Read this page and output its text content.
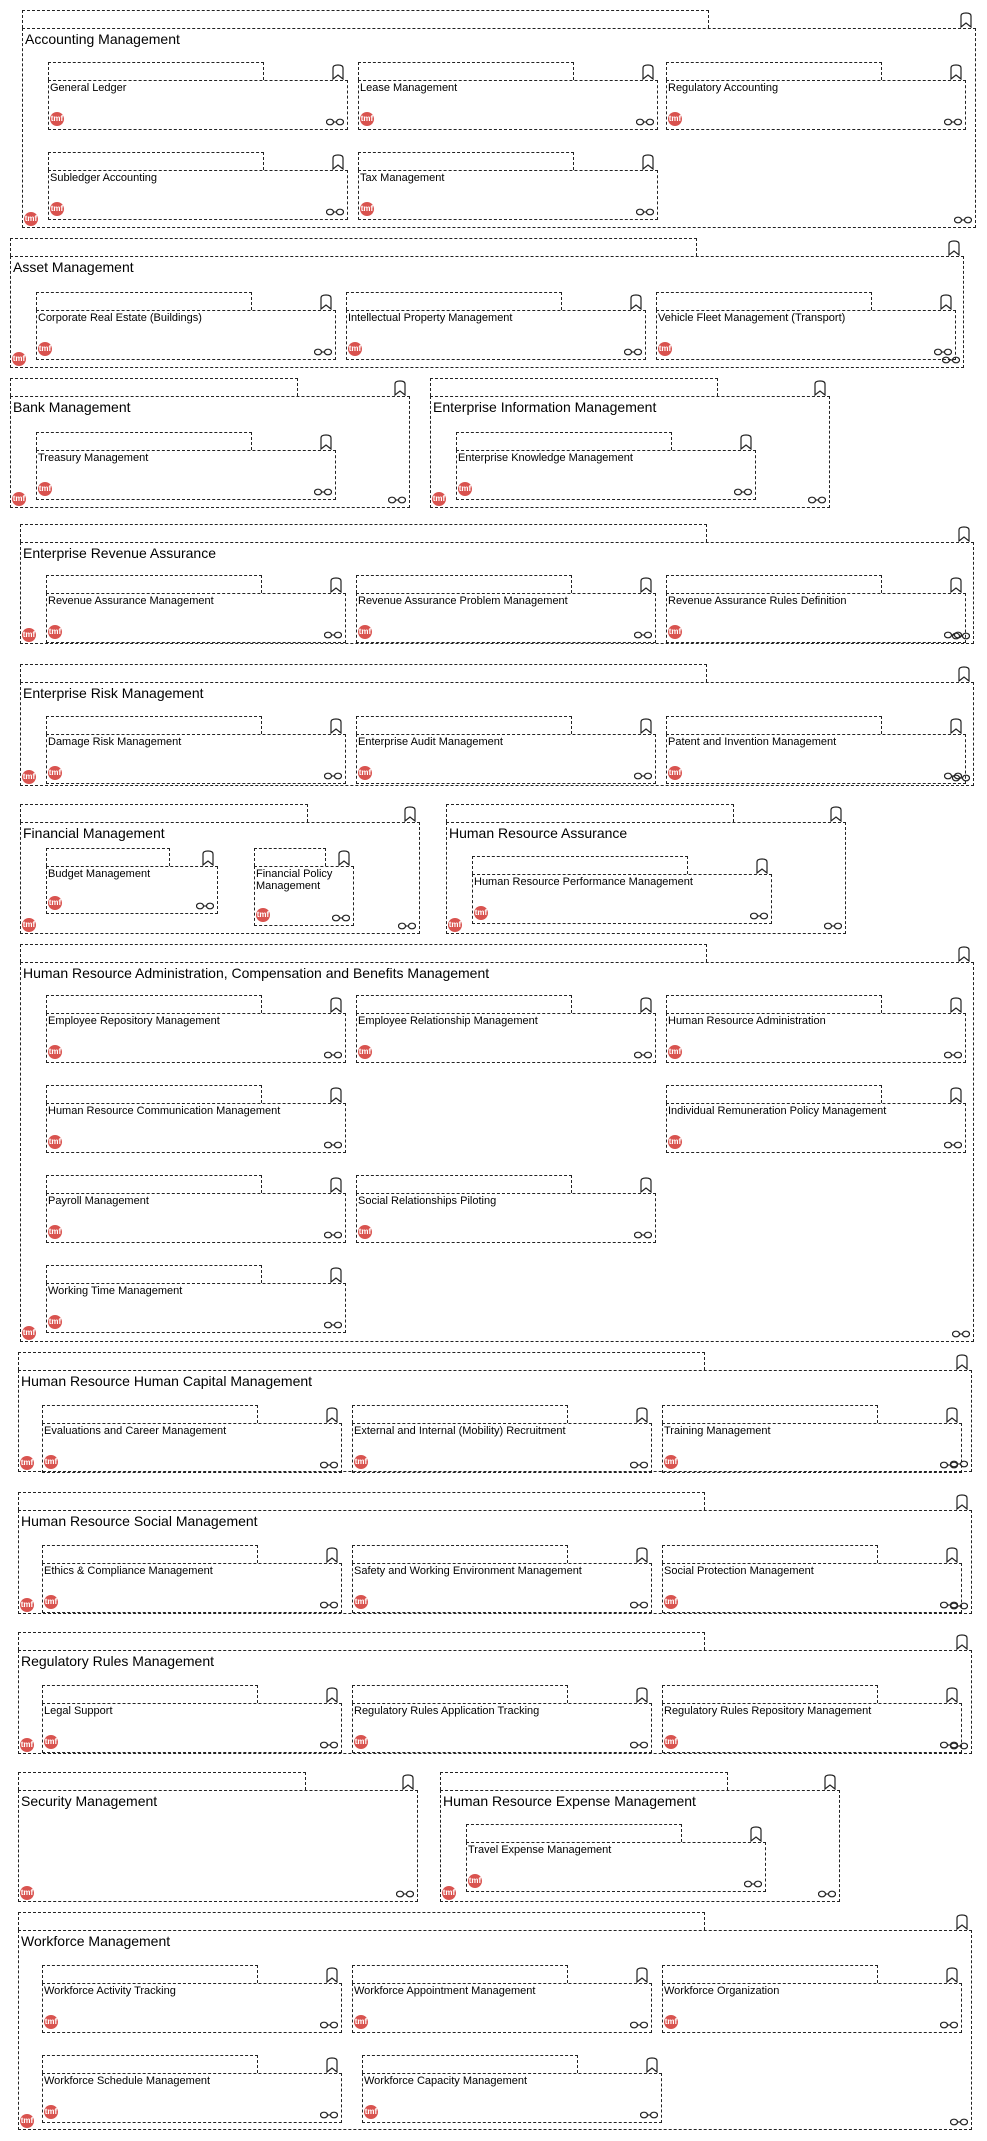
Accounting Management
tmf
General Ledger
tmf
Lease Management
tmf
Regulatory Accounting
tmf
Subledger Accounting
tmf
Tax Management
tmf
Asset Management
tmf
Corporate Real Estate (Buildings)
tmf
Intellectual Property Management
tmf
Vehicle Fleet Management (Transport)
tmf
Bank Management
tmf
Treasury Management
tmf
Enterprise Information Management
tmf
Enterprise Knowledge Management
tmf
Enterprise Revenue Assurance
tmf
Revenue Assurance Management
tmf
Revenue Assurance Problem Management
tmf
Revenue Assurance Rules Definition
tmf
Enterprise Risk Management
tmf
Damage Risk Management
tmf
Enterprise Audit Management
tmf
Patent and Invention Management
tmf
Financial Management
tmf
Budget Management
tmf
Financial Policy Management
tmf
Human Resource Assurance
tmf
Human Resource Performance Management
tmf
Human Resource Administration, Compensation and Benefits Management
tmf
Employee Repository Management
tmf
Employee Relationship Management
tmf
Human Resource Administration
tmf
Human Resource Communication Management
tmf
Individual Remuneration Policy Management
tmf
Payroll Management
tmf
Social Relationships Piloting
tmf
Working Time Management
tmf
Human Resource Human Capital Management
tmf
Evaluations and Career Management
tmf
External and Internal (Mobility) Recruitment
tmf
Training Management
tmf
Human Resource Social Management
tmf
Ethics & Compliance Management
tmf
Safety and Working Environment Management
tmf
Social Protection Management
tmf
Regulatory Rules Management
tmf
Legal Support
tmf
Regulatory Rules Application Tracking
tmf
Regulatory Rules Repository Management
tmf
Security Management
tmf
Human Resource Expense Management
tmf
Travel Expense Management
tmf
Workforce Management
tmf
Workforce Activity Tracking
tmf
Workforce Appointment Management
tmf
Workforce Organization
tmf
Workforce Schedule Management
tmf
Workforce Capacity Management
tmf
